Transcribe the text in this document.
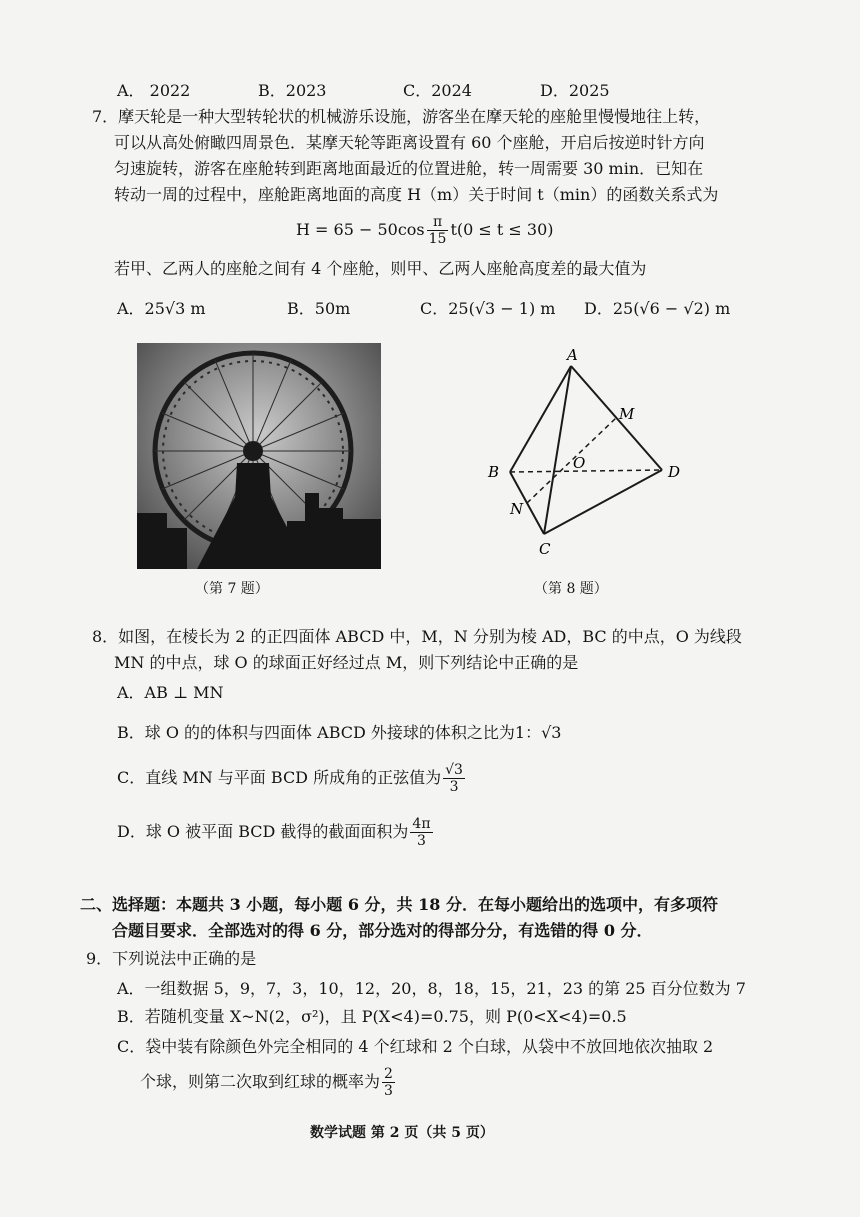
A． 2022	B．2023	C．2024	D．2025
7．摩天轮是一种大型转轮状的机械游乐设施，游客坐在摩天轮的座舱里慢慢地往上转，
可以从高处俯瞰四周景色．某摩天轮等距离设置有 60 个座舱，开启后按逆时针方向
匀速旋转，游客在座舱转到距离地面最近的位置进舱，转一周需要 30 min．已知在
转动一周的过程中，座舱距离地面的高度 H（m）关于时间 t（min）的函数关系式为
$H = 65 - 50\cos \frac{\pi}{15} t(0 \le t \le 30)$
若甲、乙两人的座舱之间有 4 个座舱，则甲、乙两人座舱高度差的最大值为
A．25√3 m	B．50m	C．25(√3 − 1) m D．25(√6 − √2) m
（第 7 题）
A
B
C
D
M
N
O
（第 8 题）
8．如图，在棱长为 2 的正四面体 ABCD 中，M，N 分别为棱 AD，BC 的中点，O 为线段
MN 的中点，球 O 的球面正好经过点 M，则下列结论中正确的是
A．AB ⊥ MN
B．球 O 的的体积与四面体 ABCD 外接球的体积之比为1：√3
C．直线 MN 与平面 BCD 所成角的正弦值为 $\frac{√3}{3}$
D．球 O 被平面 BCD 截得的截面面积为 $\frac{4\pi}{3}$
二、选择题：本题共 3 小题，每小题 6 分，共 18 分．在每小题给出的选项中，有多项符
合题目要求．全部选对的得 6 分，部分选对的得部分分，有选错的得 0 分．
9．下列说法中正确的是
A．一组数据 5，9，7，3，10，12，20，8，18，15，21，23 的第 25 百分位数为 7
B．若随机变量 X~N(2，σ²)，且 P(X<4)=0.75，则 P(0<X<4)=0.5
C．袋中装有除颜色外完全相同的 4 个红球和 2 个白球，从袋中不放回地依次抽取 2
个球，则第二次取到红球的概率为 $\frac{2}{3}$
数学试题 第 2 页（共 5 页）
